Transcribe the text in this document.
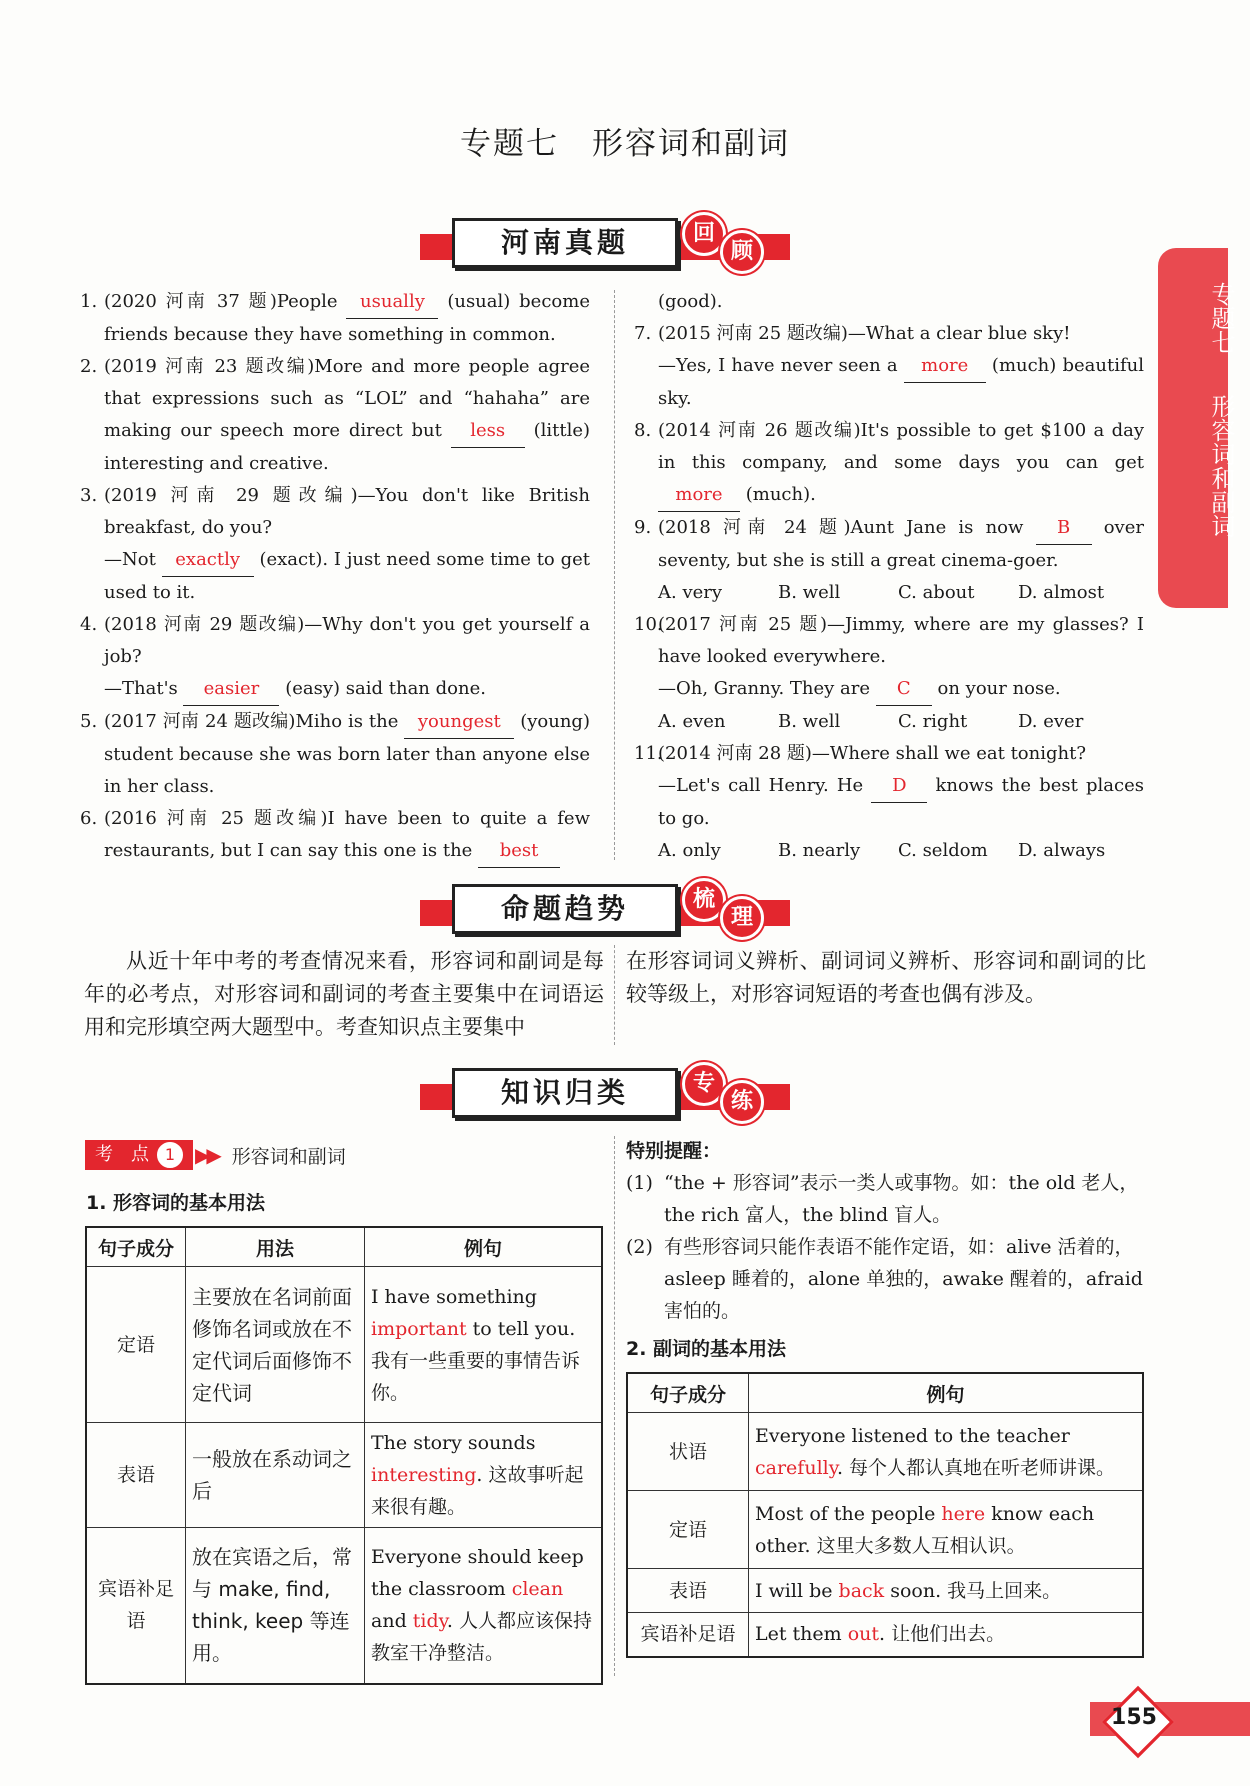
专题七　形容词和副词
专题七
形容词和副词
河南真题	回
顾
1. (2020 河南 37 题)People usually (usual) become friends because they have something in common.
2. (2019 河南 23 题改编)More and more people agree that expressions such as “LOL” and “hahaha” are making our speech more direct but less (little) interesting and creative.
3. (2019 河南 29 题改编)—You don't like British breakfast, do you?
—Not exactly (exact). I just need some time to get used to it.
4. (2018 河南 29 题改编)—Why don't you get yourself a job?
—That's easier (easy) said than done.
5. (2017 河南 24 题改编)Miho is the youngest (young) student because she was born later than anyone else in her class.
6. (2016 河南 25 题改编)I have been to quite a few restaurants, but I can say this one is the best
(good).
7. (2015 河南 25 题改编)—What a clear blue sky!
—Yes, I have never seen a more (much) beautiful sky.
8. (2014 河南 26 题改编)It's possible to get $100 a day in this company, and some days you can get more (much).
9. (2018 河南 24 题)Aunt Jane is now B over seventy, but she is still a great cinema-goer.
A. very	B. well	C. about	D. almost
10.
(2017 河南 25 题)—Jimmy, where are my glasses? I have looked everywhere.
—Oh, Granny. They are C on your nose.
A. even	B. well	C. right	D. ever
11.
(2014 河南 28 题)—Where shall we eat tonight?
—Let's call Henry. He D knows the best places to go.
A. only	B. nearly	C. seldom	D. always
命题趋势	梳
理
从近十年中考的考查情况来看，形容词和副词是每年的必考点，对形容词和副词的考查主要集中在词语运用和完形填空两大题型中。考查知识点主要集中
在形容词词义辨析、副词词义辨析、形容词和副词的比较等级上，对形容词短语的考查也偶有涉及。
知识归类	专
练
考　点 1 ▶▶ 形容词和副词
1. 形容词的基本用法
句子成分	用法	例句
定语	主要放在名词前面修饰名词或放在不定代词后面修饰不定代词	I have something important to tell you. 我有一些重要的事情告诉你。
表语	一般放在系动词之后	The story sounds interesting. 这故事听起来很有趣。
宾语补足语	放在宾语之后，常与 make, find, think, keep 等连用。	Everyone should keep the classroom clean and tidy. 人人都应该保持教室干净整洁。
特别提醒：
(1) “the + 形容词”表示一类人或事物。如：the old 老人，the rich 富人，the blind 盲人。
(2) 有些形容词只能作表语不能作定语，如：alive 活着的，asleep 睡着的，alone 单独的，awake 醒着的，afraid害怕的。
2. 副词的基本用法
句子成分	例句
状语	Everyone listened to the teacher carefully. 每个人都认真地在听老师讲课。
定语	Most of the people here know each other. 这里大多数人互相认识。
表语	I will be back soon. 我马上回来。
宾语补足语	Let them out. 让他们出去。
155
